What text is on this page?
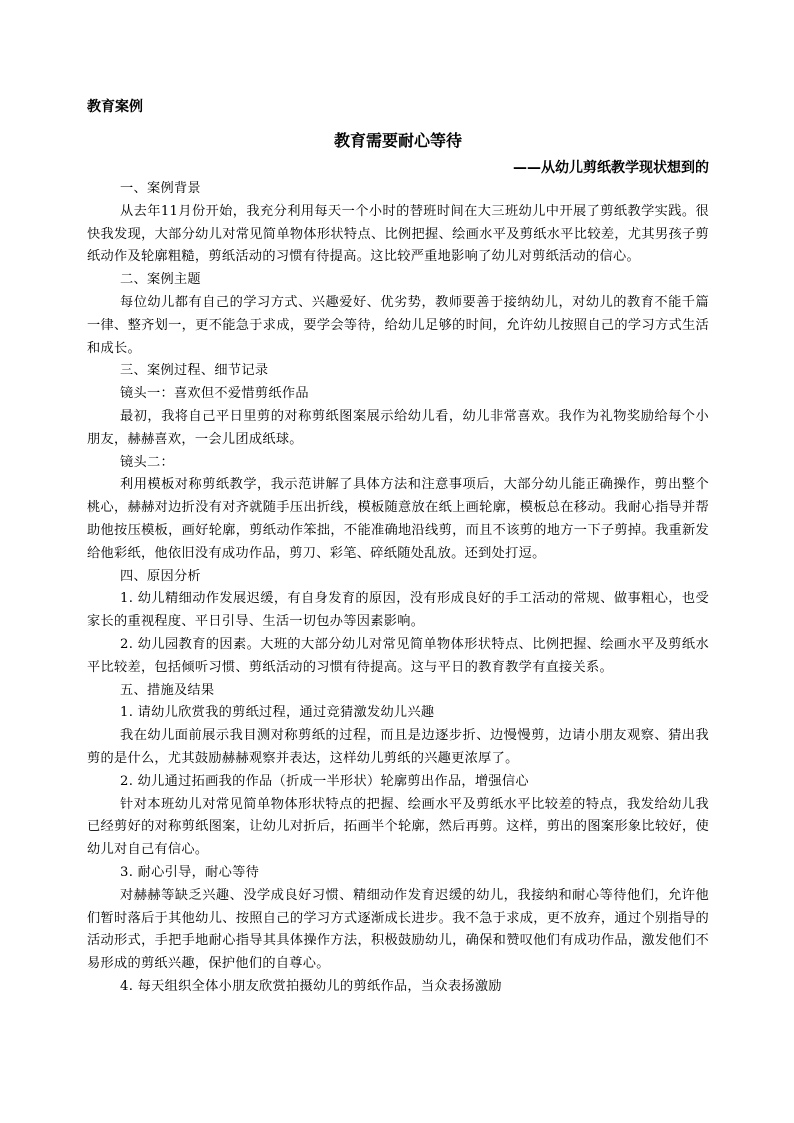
教育案例

教育需要耐心等待

——从幼儿剪纸教学现状想到的

一、案例背景

从去年11月份开始，我充分利用每天一个小时的替班时间在大三班幼儿中开展了剪纸教学实践。很快我发现，大部分幼儿对常见简单物体形状特点、比例把握、绘画水平及剪纸水平比较差，尤其男孩子剪纸动作及轮廓粗糙，剪纸活动的习惯有待提高。这比较严重地影响了幼儿对剪纸活动的信心。

二、案例主题

每位幼儿都有自己的学习方式、兴趣爱好、优劣势，教师要善于接纳幼儿，对幼儿的教育不能千篇一律、整齐划一，更不能急于求成，要学会等待，给幼儿足够的时间，允许幼儿按照自己的学习方式生活和成长。

三、案例过程、细节记录

镜头一：喜欢但不爱惜剪纸作品

最初，我将自己平日里剪的对称剪纸图案展示给幼儿看，幼儿非常喜欢。我作为礼物奖励给每个小朋友，赫赫喜欢，一会儿团成纸球。

镜头二：

利用模板对称剪纸教学，我示范讲解了具体方法和注意事项后，大部分幼儿能正确操作，剪出整个桃心，赫赫对边折没有对齐就随手压出折线，模板随意放在纸上画轮廓，模板总在移动。我耐心指导并帮助他按压模板，画好轮廓，剪纸动作笨拙，不能准确地沿线剪，而且不该剪的地方一下子剪掉。我重新发给他彩纸，他依旧没有成功作品，剪刀、彩笔、碎纸随处乱放。还到处打逗。

四、原因分析

1. 幼儿精细动作发展迟缓，有自身发育的原因，没有形成良好的手工活动的常规、做事粗心，也受家长的重视程度、平日引导、生活一切包办等因素影响。

2. 幼儿园教育的因素。大班的大部分幼儿对常见简单物体形状特点、比例把握、绘画水平及剪纸水平比较差，包括倾听习惯、剪纸活动的习惯有待提高。这与平日的教育教学有直接关系。

五、措施及结果

1. 请幼儿欣赏我的剪纸过程，通过竞猜激发幼儿兴趣

我在幼儿面前展示我目测对称剪纸的过程，而且是边逐步折、边慢慢剪，边请小朋友观察、猜出我剪的是什么，尤其鼓励赫赫观察并表达，这样幼儿剪纸的兴趣更浓厚了。

2. 幼儿通过拓画我的作品（折成一半形状）轮廓剪出作品，增强信心

针对本班幼儿对常见简单物体形状特点的把握、绘画水平及剪纸水平比较差的特点，我发给幼儿我已经剪好的对称剪纸图案，让幼儿对折后，拓画半个轮廓，然后再剪。这样，剪出的图案形象比较好，使幼儿对自己有信心。

3. 耐心引导，耐心等待

对赫赫等缺乏兴趣、没学成良好习惯、精细动作发育迟缓的幼儿，我接纳和耐心等待他们，允许他们暂时落后于其他幼儿、按照自己的学习方式逐渐成长进步。我不急于求成，更不放弃，通过个别指导的活动形式，手把手地耐心指导其具体操作方法，积极鼓励幼儿，确保和赞叹他们有成功作品，激发他们不易形成的剪纸兴趣，保护他们的自尊心。

4. 每天组织全体小朋友欣赏拍摄幼儿的剪纸作品，当众表扬激励
